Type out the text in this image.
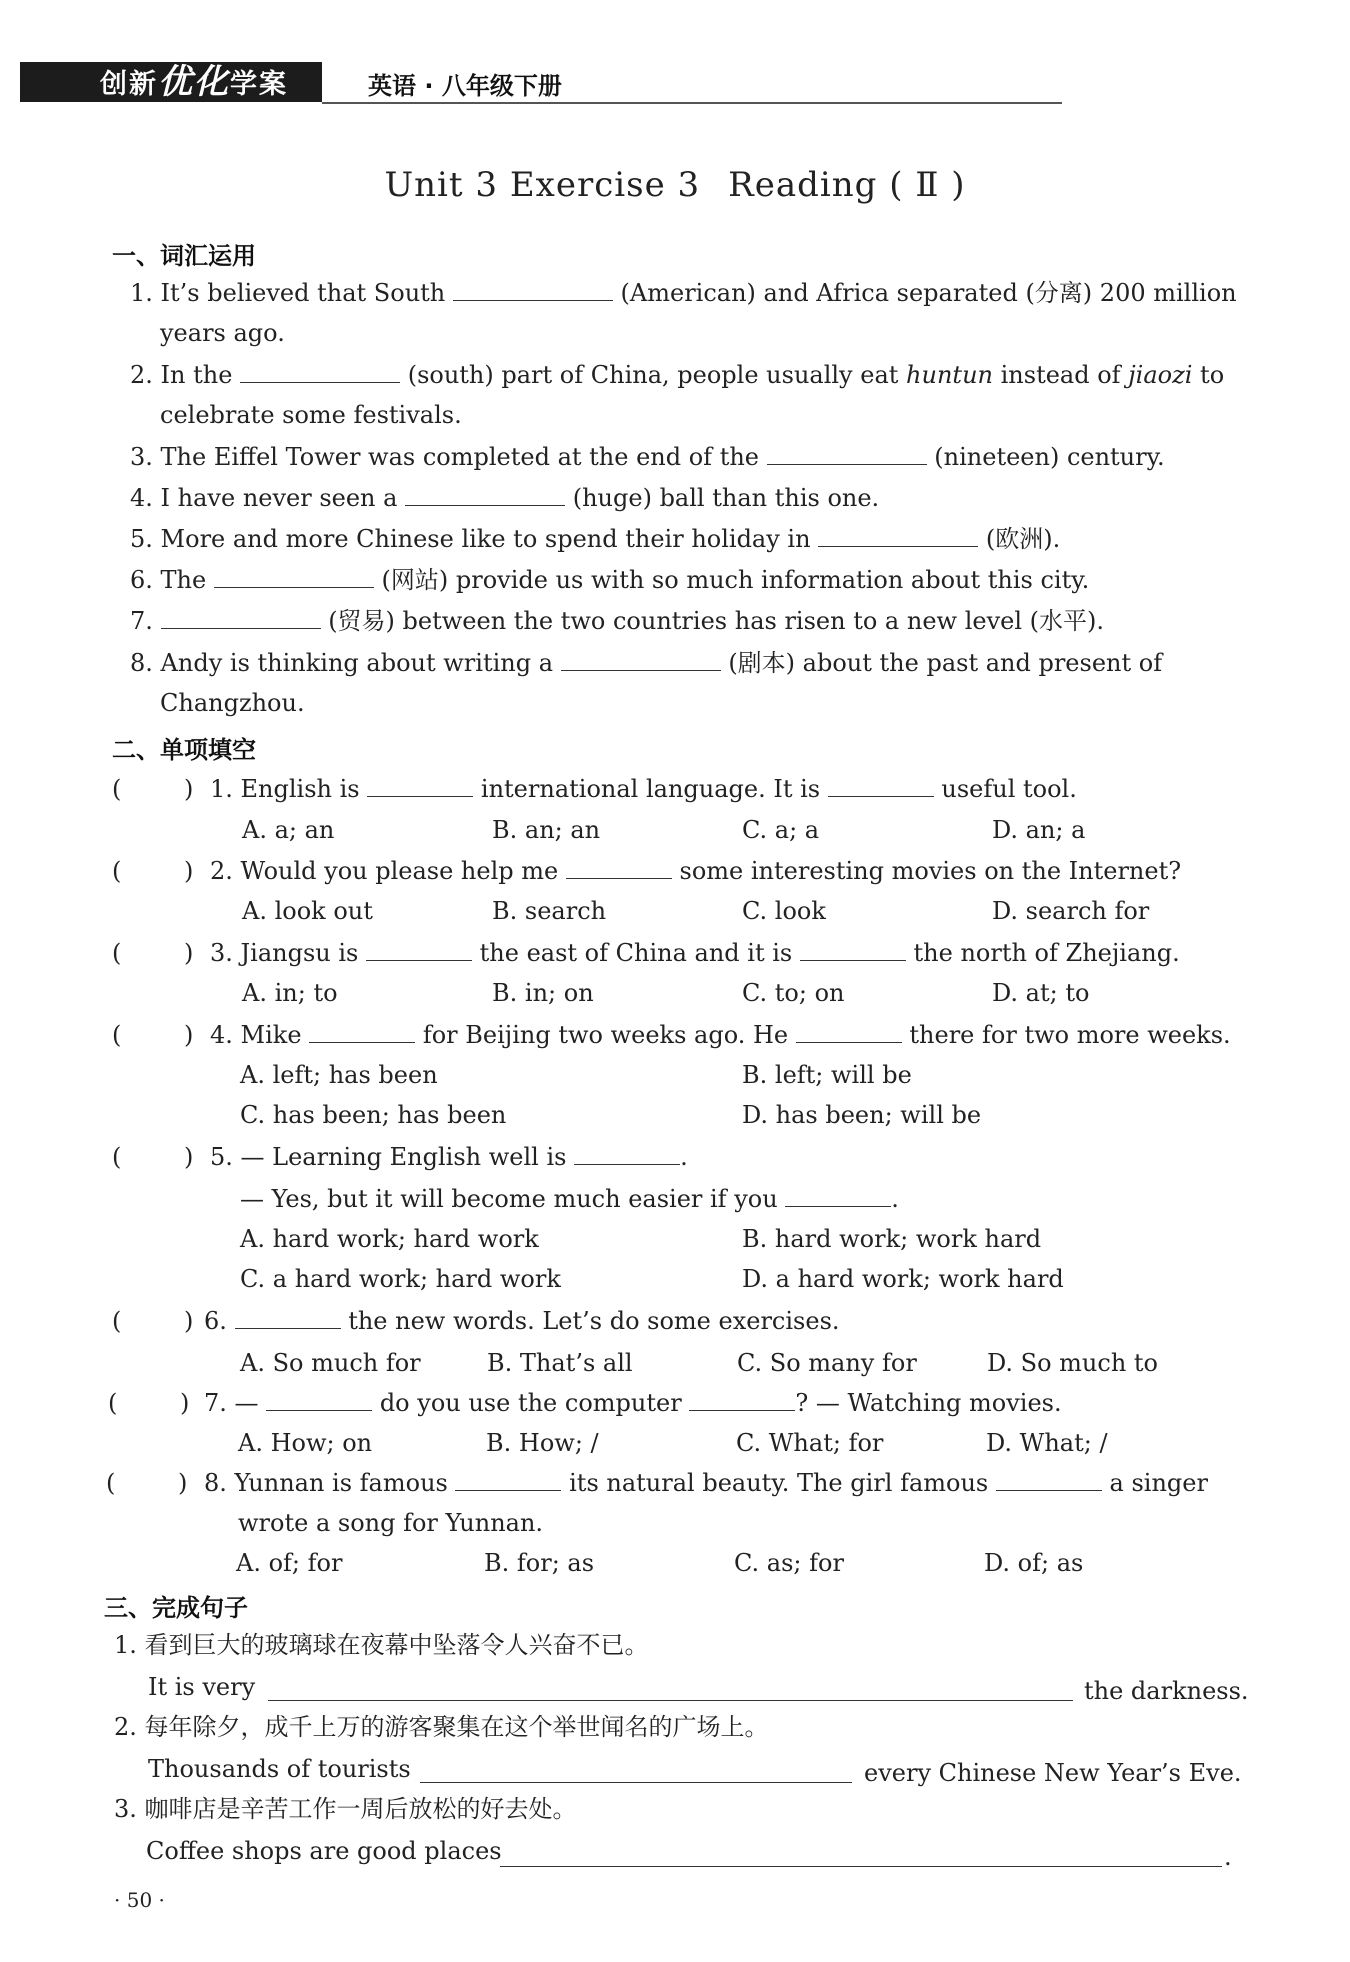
创新优化学案	英语 · 八年级下册
Unit 3 Exercise 3 Reading ( Ⅱ )
一、词汇运用
1. It’s believed that South	(American) and Africa separated (分离) 200 million
years ago.
2. In the	(south) part of China, people usually eat huntun instead of jiaozi to
celebrate some festivals.
3. The Eiffel Tower was completed at the end of the	(nineteen) century.
4. I have never seen a	(huge) ball than this one.
5. More and more Chinese like to spend their holiday in	(欧洲).
6. The	(网站) provide us with so much information about this city.
7.	(贸易) between the two countries has risen to a new level (水平).
8. Andy is thinking about writing a	(剧本) about the past and present of
Changzhou.
二、单项填空
(	) 1. English is	international language. It is	useful tool.
A. a; an	B. an; an	C. a; a	D. an; a
(	) 2. Would you please help me	some interesting movies on the Internet?
A. look out	B. search	C. look	D. search for
(	) 3. Jiangsu is	the east of China and it is	the north of Zhejiang.
A. in; to	B. in; on	C. to; on	D. at; to
(	) 4. Mike	for Beijing two weeks ago. He	there for two more weeks.
A. left; has been	B. left; will be
C. has been; has been	D. has been; will be
(	) 5. — Learning English well is	.
— Yes, but it will become much easier if you	.
A. hard work; hard work	B. hard work; work hard
C. a hard work; hard work	D. a hard work; work hard
(	) 6.	the new words. Let’s do some exercises.
A. So much for	B. That’s all	C. So many for	D. So much to
(	) 7. —	do you use the computer	? — Watching movies.
A. How; on	B. How; /	C. What; for	D. What; /
(	) 8. Yunnan is famous	its natural beauty. The girl famous	a singer
wrote a song for Yunnan.
A. of; for	B. for; as	C. as; for	D. of; as
三、完成句子
1. 看到巨大的玻璃球在夜幕中坠落令人兴奋不已。
It is very	the darkness.
2. 每年除夕，成千上万的游客聚集在这个举世闻名的广场上。
Thousands of tourists	every Chinese New Year’s Eve.
3. 咖啡店是辛苦工作一周后放松的好去处。
Coffee shops are good places	.
· 50 ·
